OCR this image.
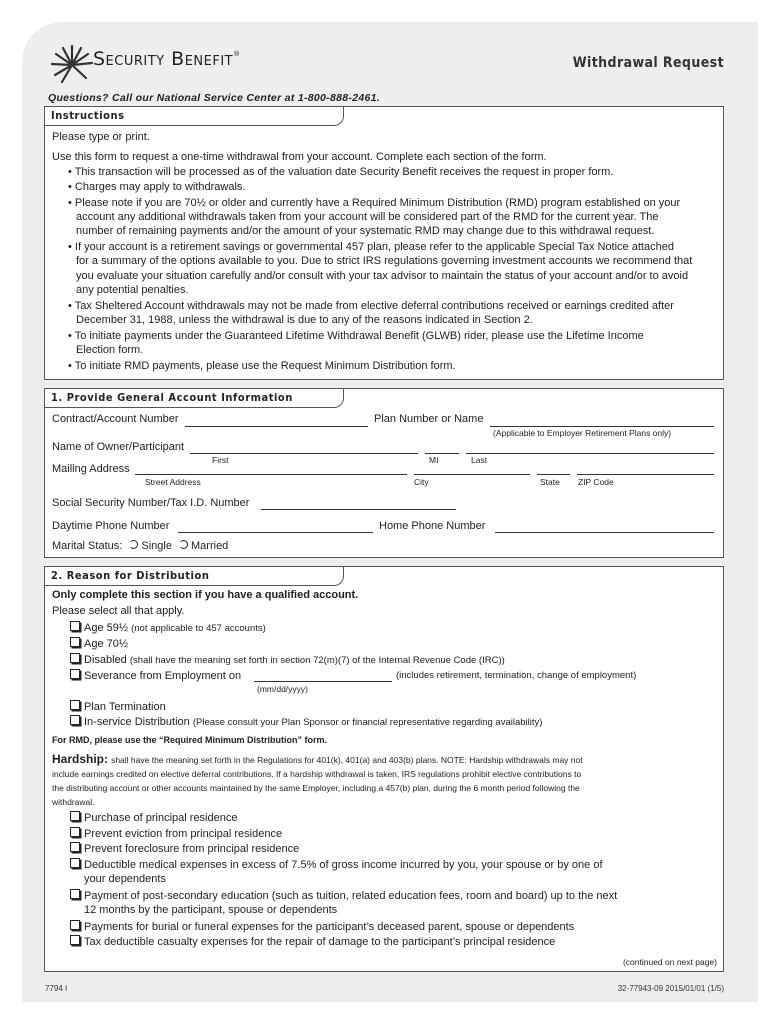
Security Benefit®
Withdrawal Request
Questions? Call our National Service Center at 1-800-888-2461.
Instructions
Please type or print.
Use this form to request a one-time withdrawal from your account. Complete each section of the form.
• This transaction will be processed as of the valuation date Security Benefit receives the request in proper form.
• Charges may apply to withdrawals.
• Please note if you are 70½ or older and currently have a Required Minimum Distribution (RMD) program established on your
account any additional withdrawals taken from your account will be considered part of the RMD for the current year. The
number of remaining payments and/or the amount of your systematic RMD may change due to this withdrawal request.
• If your account is a retirement savings or governmental 457 plan, please refer to the applicable Special Tax Notice attached
for a summary of the options available to you. Due to strict IRS regulations governing investment accounts we recommend that
you evaluate your situation carefully and/or consult with your tax advisor to maintain the status of your account and/or to avoid
any potential penalties.
• Tax Sheltered Account withdrawals may not be made from elective deferral contributions received or earnings credited after
December 31, 1988, unless the withdrawal is due to any of the reasons indicated in Section 2.
• To initiate payments under the Guaranteed Lifetime Withdrawal Benefit (GLWB) rider, please use the Lifetime Income
Election form.
• To initiate RMD payments, please use the Request Minimum Distribution form.
1. Provide General Account Information
Contract/Account Number	Plan Number or Name
(Applicable to Employer Retirement Plans only)
Name of Owner/Participant
First	MI	Last
Mailing Address
Street Address	City	State ZIP Code
Social Security Number/Tax I.D. Number
Daytime Phone Number	Home Phone Number
Marital Status: Single Married
2. Reason for Distribution
Only complete this section if you have a qualified account.
Please select all that apply.
Age 59½ (not applicable to 457 accounts)
Age 70½
Disabled (shall have the meaning set forth in section 72(m)(7) of the Internal Revenue Code (IRC))
Severance from Employment on	(includes retirement, termination, change of employment)
(mm/dd/yyyy)
Plan Termination
In-service Distribution (Please consult your Plan Sponsor or financial representative regarding availability)
For RMD, please use the “Required Minimum Distribution” form.
Hardship: shall have the meaning set forth in the Regulations for 401(k), 401(a) and 403(b) plans. NOTE: Hardship withdrawals may not
include earnings credited on elective deferral contributions. If a hardship withdrawal is taken, IRS regulations prohibit elective contributions to
the distributing account or other accounts maintained by the same Employer, including a 457(b) plan, during the 6 month period following the
withdrawal.
Purchase of principal residence
Prevent eviction from principal residence
Prevent foreclosure from principal residence
Deductible medical expenses in excess of 7.5% of gross income incurred by you, your spouse or by one of
your dependents
Payment of post-secondary education (such as tuition, related education fees, room and board) up to the next
12 months by the participant, spouse or dependents
Payments for burial or funeral expenses for the participant’s deceased parent, spouse or dependents
Tax deductible casualty expenses for the repair of damage to the participant’s principal residence
(continued on next page)
7794 I	32-77943-09 2015/01/01 (1/5)
